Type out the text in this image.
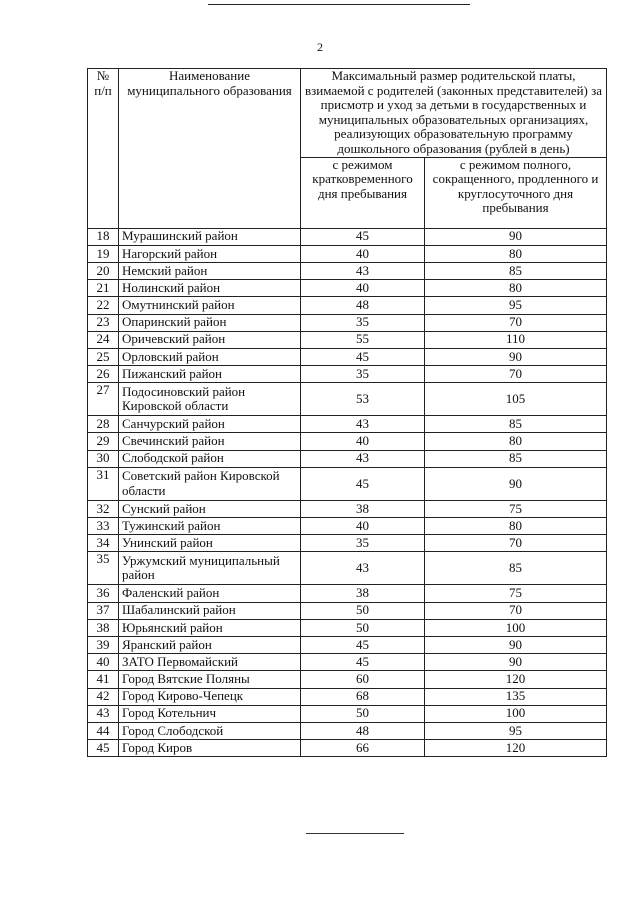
2
№ п/п	Наименование муниципального образования	Максимальный размер родительской платы, взимаемой с родителей (законных представителей) за присмотр и уход за детьми в государственных и муниципальных образовательных организациях, реализующих образовательную программу дошкольного образования (рублей в день)	
		с режимом кратковременного дня пребывания	с режимом полного, сокращенного, продленного и круглосуточного дня пребывания
18	Мурашинский район	45	90
19	Нагорский район	40	80
20	Немский район	43	85
21	Нолинский район	40	80
22	Омутнинский район	48	95
23	Опаринский район	35	70
24	Оричевский район	55	110
25	Орловский район	45	90
26	Пижанский район	35	70
27	Подосиновский район Кировской области	53	105
28	Санчурский район	43	85
29	Свечинский район	40	80
30	Слободской район	43	85
31	Советский район Кировской области	45	90
32	Сунский район	38	75
33	Тужинский район	40	80
34	Унинский район	35	70
35	Уржумский муниципальный район	43	85
36	Фаленский район	38	75
37	Шабалинский район	50	70
38	Юрьянский район	50	100
39	Яранский район	45	90
40	ЗАТО Первомайский	45	90
41	Город Вятские Поляны	60	120
42	Город Кирово-Чепецк	68	135
43	Город Котельнич	50	100
44	Город Слободской	48	95
45	Город Киров	66	120
